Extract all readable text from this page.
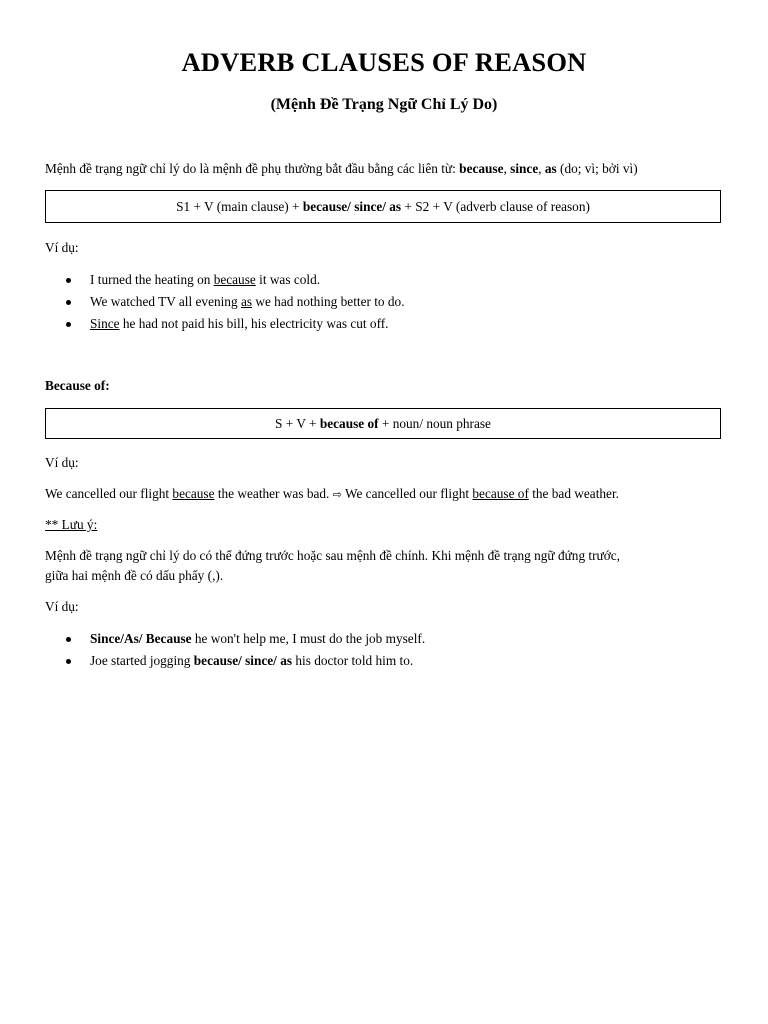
ADVERB CLAUSES OF REASON
(Mệnh Đề Trạng Ngữ Chỉ Lý Do)
Mệnh đề trạng ngữ chỉ lý do là mệnh đề phụ thường bắt đầu bằng các liên từ: because, since, as (do; vì; bởi vì)
S1 + V (main clause) + because/ since/ as + S2 + V (adverb clause of reason)
Ví dụ:
I turned the heating on because it was cold.
We watched TV all evening as we had nothing better to do.
Since he had not paid his bill, his electricity was cut off.
Because of:
S + V + because of + noun/ noun phrase
Ví dụ:
We cancelled our flight because the weather was bad. ⇨ We cancelled our flight because of the bad weather.
** Lưu ý:
Mệnh đề trạng ngữ chỉ lý do có thể đứng trước hoặc sau mệnh đề chính. Khi mệnh đề trạng ngữ đứng trước,
giữa hai mệnh đề có dấu phẩy (,).
Ví dụ:
Since/As/ Because he won't help me, I must do the job myself.
Joe started jogging because/ since/ as his doctor told him to.
